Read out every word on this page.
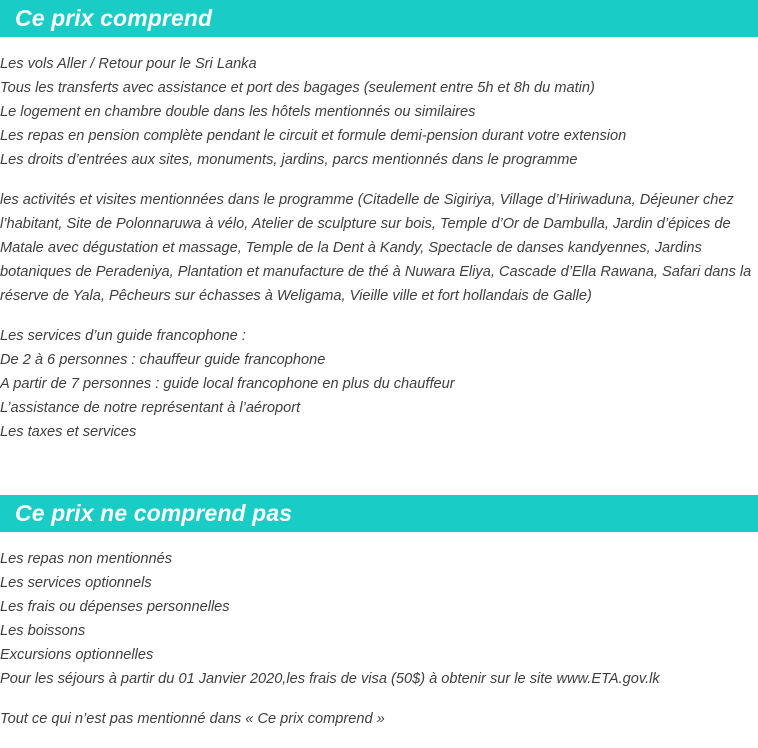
Ce prix comprend

Les vols Aller / Retour pour le Sri Lanka

Tous les transferts avec assistance et port des bagages (seulement entre 5h et 8h du matin)

Le logement en chambre double dans les hôtels mentionnés ou similaires

Les repas en pension complète pendant le circuit et formule demi-pension durant votre extension

Les droits d’entrées aux sites, monuments, jardins, parcs mentionnés dans le programme

les activités et visites mentionnées dans le programme (Citadelle de Sigiriya, Village d’Hiriwaduna, Déjeuner chez l’habitant, Site de Polonnaruwa à vélo, Atelier de sculpture sur bois, Temple d’Or de Dambulla, Jardin d’épices de Matale avec dégustation et massage, Temple de la Dent à Kandy, Spectacle de danses kandyennes, Jardins botaniques de Peradeniya, Plantation et manufacture de thé à Nuwara Eliya, Cascade d’Ella Rawana, Safari dans la réserve de Yala, Pêcheurs sur échasses à Weligama, Vieille ville et fort hollandais de Galle)

Les services d’un guide francophone :

De 2 à 6 personnes : chauffeur guide francophone

A partir de 7 personnes : guide local francophone en plus du chauffeur

L’assistance de notre représentant à l’aéroport

Les taxes et services

Ce prix ne comprend pas

Les repas non mentionnés

Les services optionnels

Les frais ou dépenses personnelles

Les boissons

Excursions optionnelles

Pour les séjours à partir du 01 Janvier 2020,les frais de visa (50$) à obtenir sur le site www.ETA.gov.lk

Tout ce qui n’est pas mentionné dans « Ce prix comprend »
